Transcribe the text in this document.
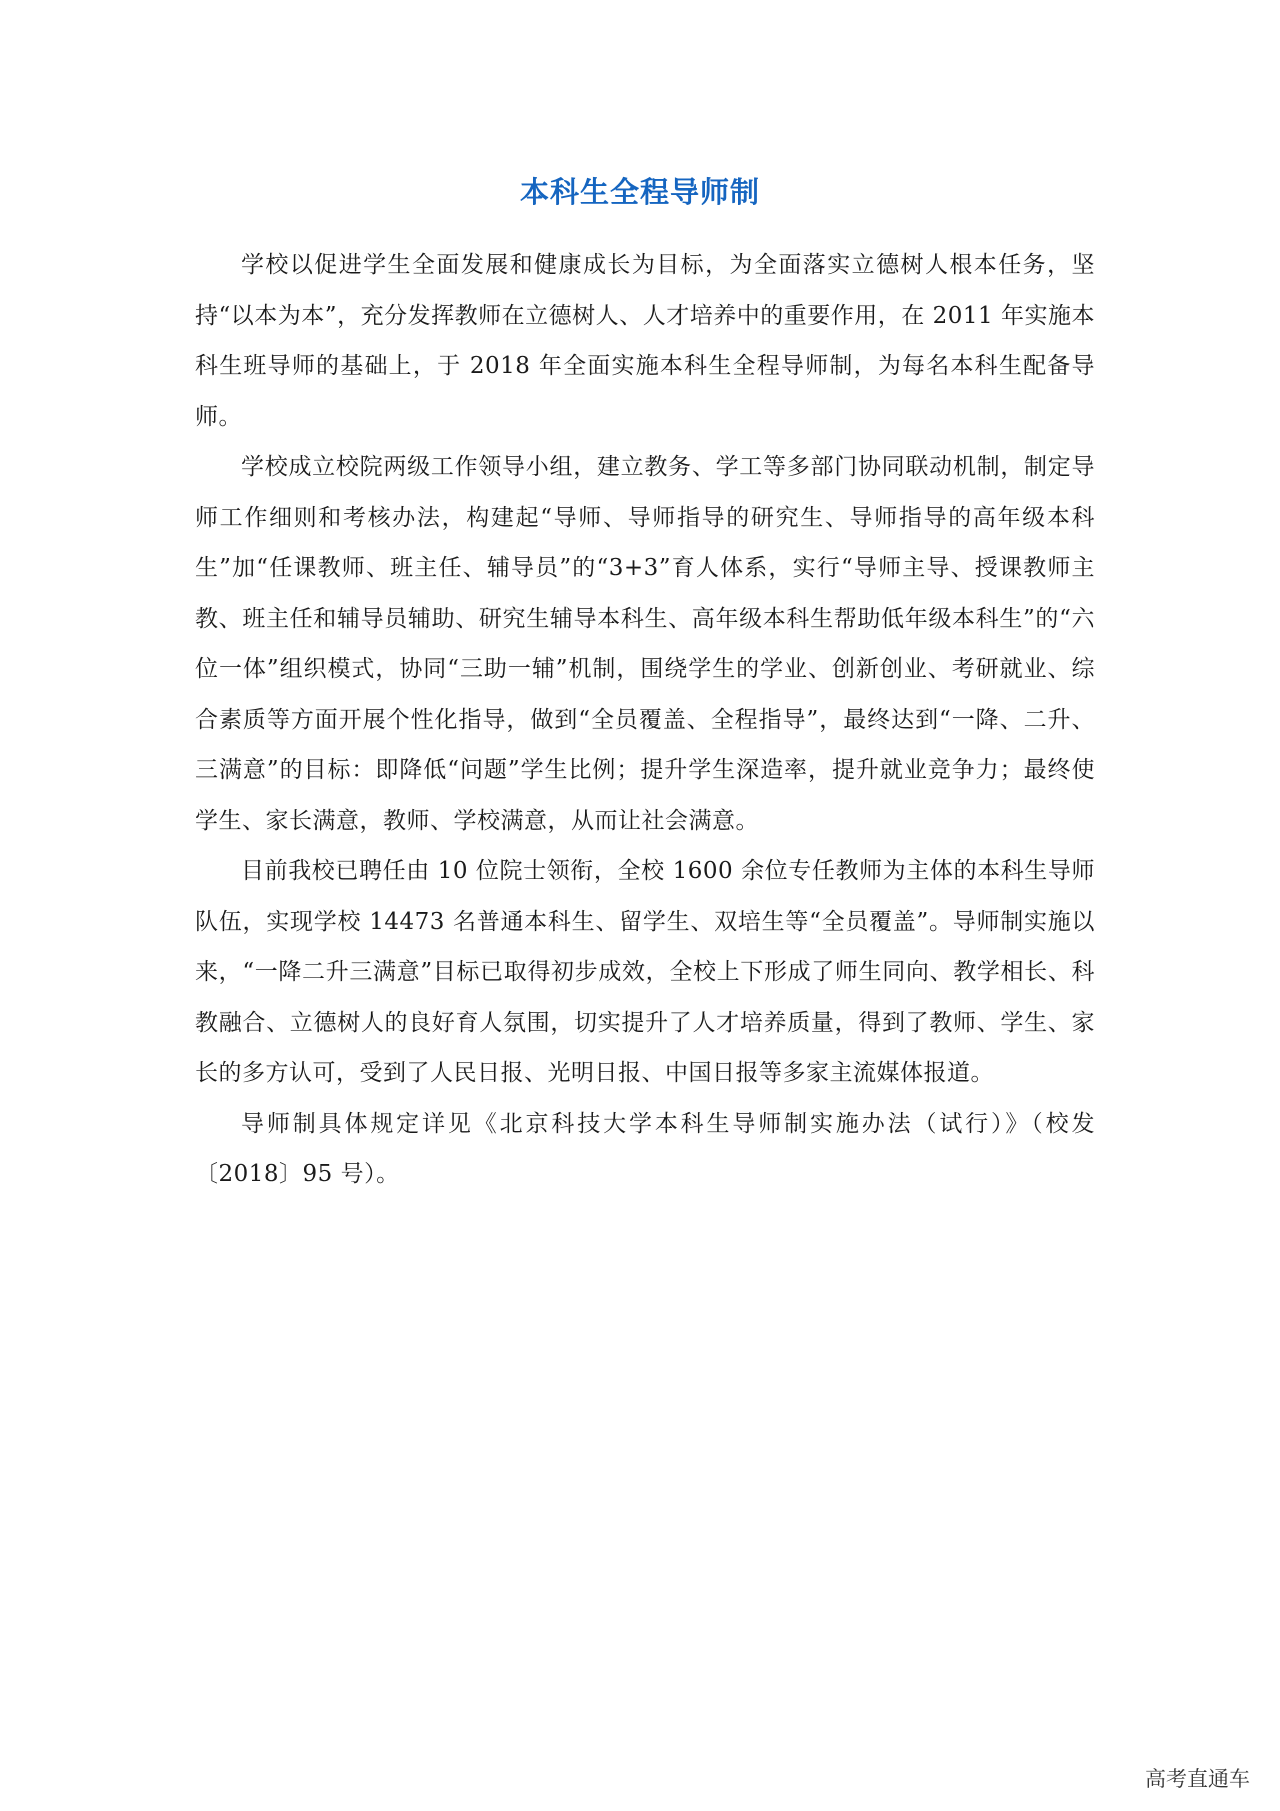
本科生全程导师制

学校以促进学生全面发展和健康成长为目标，为全面落实立德树人根本任务，坚持“以本为本”，充分发挥教师在立德树人、人才培养中的重要作用，在 2011 年实施本科生班导师的基础上，于 2018 年全面实施本科生全程导师制，为每名本科生配备导师。

学校成立校院两级工作领导小组，建立教务、学工等多部门协同联动机制，制定导师工作细则和考核办法，构建起“导师、导师指导的研究生、导师指导的高年级本科生”加“任课教师、班主任、辅导员”的“3+3”育人体系，实行“导师主导、授课教师主教、班主任和辅导员辅助、研究生辅导本科生、高年级本科生帮助低年级本科生”的“六位一体”组织模式，协同“三助一辅”机制，围绕学生的学业、创新创业、考研就业、综合素质等方面开展个性化指导，做到“全员覆盖、全程指导”，最终达到“一降、二升、三满意”的目标：即降低“问题”学生比例；提升学生深造率，提升就业竞争力；最终使学生、家长满意，教师、学校满意，从而让社会满意。

目前我校已聘任由 10 位院士领衔，全校 1600 余位专任教师为主体的本科生导师队伍，实现学校 14473 名普通本科生、留学生、双培生等“全员覆盖”。导师制实施以来，“一降二升三满意”目标已取得初步成效，全校上下形成了师生同向、教学相长、科教融合、立德树人的良好育人氛围，切实提升了人才培养质量，得到了教师、学生、家长的多方认可，受到了人民日报、光明日报、中国日报等多家主流媒体报道。

导师制具体规定详见《北京科技大学本科生导师制实施办法（试行）》（校发〔2018〕95 号）。

高考直通车
